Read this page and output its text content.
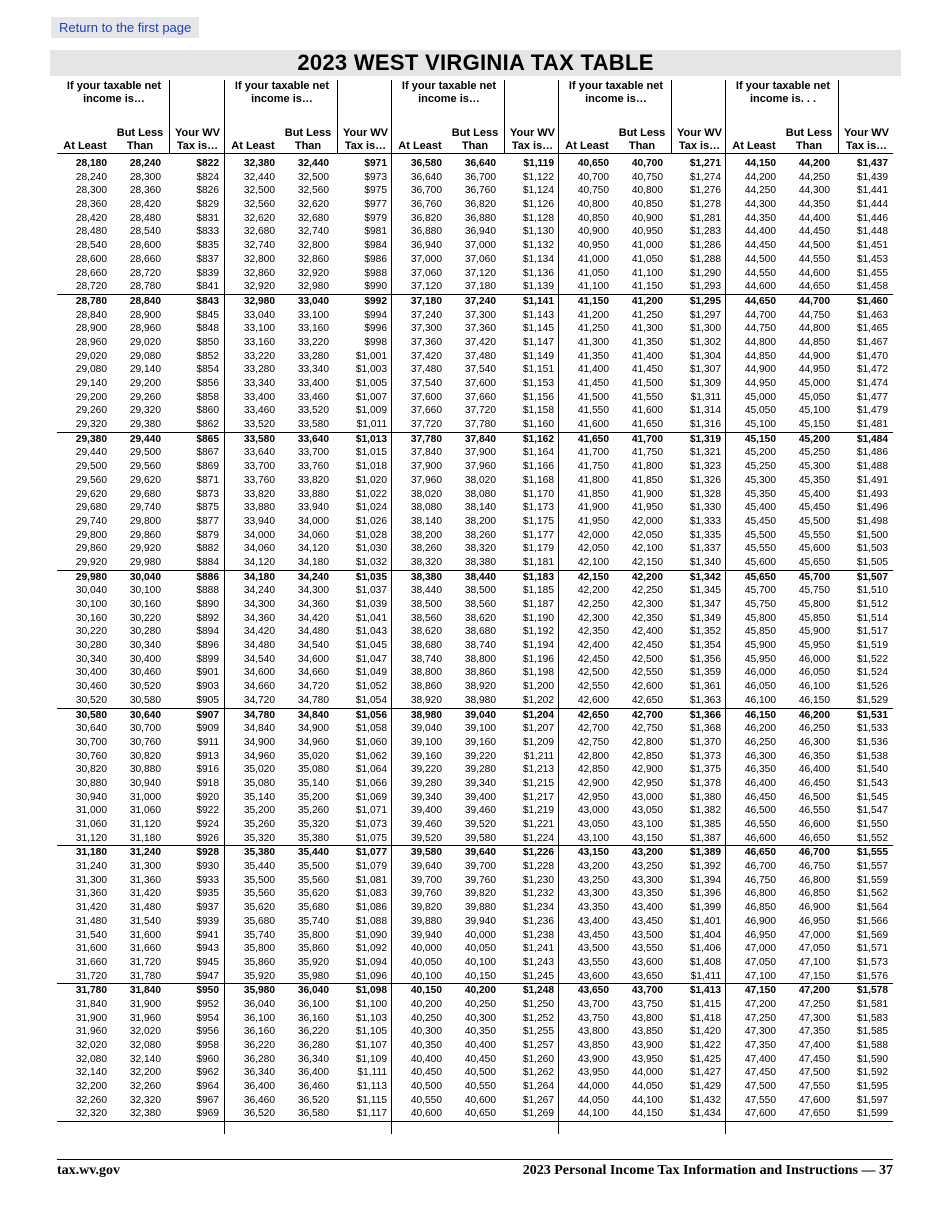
Return to the first page
2023 WEST VIRGINIA TAX TABLE
If your taxable net income is…
At Least
But Less Than
Your WV Tax is…
28,180	28,240	$822
28,240	28,300	$824
28,300	28,360	$826
28,360	28,420	$829
28,420	28,480	$831
28,480	28,540	$833
28,540	28,600	$835
28,600	28,660	$837
28,660	28,720	$839
28,720	28,780	$841
28,780	28,840	$843
28,840	28,900	$845
28,900	28,960	$848
28,960	29,020	$850
29,020	29,080	$852
29,080	29,140	$854
29,140	29,200	$856
29,200	29,260	$858
29,260	29,320	$860
29,320	29,380	$862
29,380	29,440	$865
29,440	29,500	$867
29,500	29,560	$869
29,560	29,620	$871
29,620	29,680	$873
29,680	29,740	$875
29,740	29,800	$877
29,800	29,860	$879
29,860	29,920	$882
29,920	29,980	$884
29,980	30,040	$886
30,040	30,100	$888
30,100	30,160	$890
30,160	30,220	$892
30,220	30,280	$894
30,280	30,340	$896
30,340	30,400	$899
30,400	30,460	$901
30,460	30,520	$903
30,520	30,580	$905
30,580	30,640	$907
30,640	30,700	$909
30,700	30,760	$911
30,760	30,820	$913
30,820	30,880	$916
30,880	30,940	$918
30,940	31,000	$920
31,000	31,060	$922
31,060	31,120	$924
31,120	31,180	$926
31,180	31,240	$928
31,240	31,300	$930
31,300	31,360	$933
31,360	31,420	$935
31,420	31,480	$937
31,480	31,540	$939
31,540	31,600	$941
31,600	31,660	$943
31,660	31,720	$945
31,720	31,780	$947
31,780	31,840	$950
31,840	31,900	$952
31,900	31,960	$954
31,960	32,020	$956
32,020	32,080	$958
32,080	32,140	$960
32,140	32,200	$962
32,200	32,260	$964
32,260	32,320	$967
32,320	32,380	$969
If your taxable net income is…
At Least
But Less Than
Your WV Tax is…
32,380	32,440	$971
32,440	32,500	$973
32,500	32,560	$975
32,560	32,620	$977
32,620	32,680	$979
32,680	32,740	$981
32,740	32,800	$984
32,800	32,860	$986
32,860	32,920	$988
32,920	32,980	$990
32,980	33,040	$992
33,040	33,100	$994
33,100	33,160	$996
33,160	33,220	$998
33,220	33,280	$1,001
33,280	33,340	$1,003
33,340	33,400	$1,005
33,400	33,460	$1,007
33,460	33,520	$1,009
33,520	33,580	$1,011
33,580	33,640	$1,013
33,640	33,700	$1,015
33,700	33,760	$1,018
33,760	33,820	$1,020
33,820	33,880	$1,022
33,880	33,940	$1,024
33,940	34,000	$1,026
34,000	34,060	$1,028
34,060	34,120	$1,030
34,120	34,180	$1,032
34,180	34,240	$1,035
34,240	34,300	$1,037
34,300	34,360	$1,039
34,360	34,420	$1,041
34,420	34,480	$1,043
34,480	34,540	$1,045
34,540	34,600	$1,047
34,600	34,660	$1,049
34,660	34,720	$1,052
34,720	34,780	$1,054
34,780	34,840	$1,056
34,840	34,900	$1,058
34,900	34,960	$1,060
34,960	35,020	$1,062
35,020	35,080	$1,064
35,080	35,140	$1,066
35,140	35,200	$1,069
35,200	35,260	$1,071
35,260	35,320	$1,073
35,320	35,380	$1,075
35,380	35,440	$1,077
35,440	35,500	$1,079
35,500	35,560	$1,081
35,560	35,620	$1,083
35,620	35,680	$1,086
35,680	35,740	$1,088
35,740	35,800	$1,090
35,800	35,860	$1,092
35,860	35,920	$1,094
35,920	35,980	$1,096
35,980	36,040	$1,098
36,040	36,100	$1,100
36,100	36,160	$1,103
36,160	36,220	$1,105
36,220	36,280	$1,107
36,280	36,340	$1,109
36,340	36,400	$1,111
36,400	36,460	$1,113
36,460	36,520	$1,115
36,520	36,580	$1,117
If your taxable net income is…
At Least
But Less Than
Your WV Tax is…
36,580	36,640	$1,119
36,640	36,700	$1,122
36,700	36,760	$1,124
36,760	36,820	$1,126
36,820	36,880	$1,128
36,880	36,940	$1,130
36,940	37,000	$1,132
37,000	37,060	$1,134
37,060	37,120	$1,136
37,120	37,180	$1,139
37,180	37,240	$1,141
37,240	37,300	$1,143
37,300	37,360	$1,145
37,360	37,420	$1,147
37,420	37,480	$1,149
37,480	37,540	$1,151
37,540	37,600	$1,153
37,600	37,660	$1,156
37,660	37,720	$1,158
37,720	37,780	$1,160
37,780	37,840	$1,162
37,840	37,900	$1,164
37,900	37,960	$1,166
37,960	38,020	$1,168
38,020	38,080	$1,170
38,080	38,140	$1,173
38,140	38,200	$1,175
38,200	38,260	$1,177
38,260	38,320	$1,179
38,320	38,380	$1,181
38,380	38,440	$1,183
38,440	38,500	$1,185
38,500	38,560	$1,187
38,560	38,620	$1,190
38,620	38,680	$1,192
38,680	38,740	$1,194
38,740	38,800	$1,196
38,800	38,860	$1,198
38,860	38,920	$1,200
38,920	38,980	$1,202
38,980	39,040	$1,204
39,040	39,100	$1,207
39,100	39,160	$1,209
39,160	39,220	$1,211
39,220	39,280	$1,213
39,280	39,340	$1,215
39,340	39,400	$1,217
39,400	39,460	$1,219
39,460	39,520	$1,221
39,520	39,580	$1,224
39,580	39,640	$1,226
39,640	39,700	$1,228
39,700	39,760	$1,230
39,760	39,820	$1,232
39,820	39,880	$1,234
39,880	39,940	$1,236
39,940	40,000	$1,238
40,000	40,050	$1,241
40,050	40,100	$1,243
40,100	40,150	$1,245
40,150	40,200	$1,248
40,200	40,250	$1,250
40,250	40,300	$1,252
40,300	40,350	$1,255
40,350	40,400	$1,257
40,400	40,450	$1,260
40,450	40,500	$1,262
40,500	40,550	$1,264
40,550	40,600	$1,267
40,600	40,650	$1,269
If your taxable net income is…
At Least
But Less Than
Your WV Tax is…
40,650	40,700	$1,271
40,700	40,750	$1,274
40,750	40,800	$1,276
40,800	40,850	$1,278
40,850	40,900	$1,281
40,900	40,950	$1,283
40,950	41,000	$1,286
41,000	41,050	$1,288
41,050	41,100	$1,290
41,100	41,150	$1,293
41,150	41,200	$1,295
41,200	41,250	$1,297
41,250	41,300	$1,300
41,300	41,350	$1,302
41,350	41,400	$1,304
41,400	41,450	$1,307
41,450	41,500	$1,309
41,500	41,550	$1,311
41,550	41,600	$1,314
41,600	41,650	$1,316
41,650	41,700	$1,319
41,700	41,750	$1,321
41,750	41,800	$1,323
41,800	41,850	$1,326
41,850	41,900	$1,328
41,900	41,950	$1,330
41,950	42,000	$1,333
42,000	42,050	$1,335
42,050	42,100	$1,337
42,100	42,150	$1,340
42,150	42,200	$1,342
42,200	42,250	$1,345
42,250	42,300	$1,347
42,300	42,350	$1,349
42,350	42,400	$1,352
42,400	42,450	$1,354
42,450	42,500	$1,356
42,500	42,550	$1,359
42,550	42,600	$1,361
42,600	42,650	$1,363
42,650	42,700	$1,366
42,700	42,750	$1,368
42,750	42,800	$1,370
42,800	42,850	$1,373
42,850	42,900	$1,375
42,900	42,950	$1,378
42,950	43,000	$1,380
43,000	43,050	$1,382
43,050	43,100	$1,385
43,100	43,150	$1,387
43,150	43,200	$1,389
43,200	43,250	$1,392
43,250	43,300	$1,394
43,300	43,350	$1,396
43,350	43,400	$1,399
43,400	43,450	$1,401
43,450	43,500	$1,404
43,500	43,550	$1,406
43,550	43,600	$1,408
43,600	43,650	$1,411
43,650	43,700	$1,413
43,700	43,750	$1,415
43,750	43,800	$1,418
43,800	43,850	$1,420
43,850	43,900	$1,422
43,900	43,950	$1,425
43,950	44,000	$1,427
44,000	44,050	$1,429
44,050	44,100	$1,432
44,100	44,150	$1,434
If your taxable net income is. . .
At Least
But Less Than
Your WV Tax is…
44,150	44,200	$1,437
44,200	44,250	$1,439
44,250	44,300	$1,441
44,300	44,350	$1,444
44,350	44,400	$1,446
44,400	44,450	$1,448
44,450	44,500	$1,451
44,500	44,550	$1,453
44,550	44,600	$1,455
44,600	44,650	$1,458
44,650	44,700	$1,460
44,700	44,750	$1,463
44,750	44,800	$1,465
44,800	44,850	$1,467
44,850	44,900	$1,470
44,900	44,950	$1,472
44,950	45,000	$1,474
45,000	45,050	$1,477
45,050	45,100	$1,479
45,100	45,150	$1,481
45,150	45,200	$1,484
45,200	45,250	$1,486
45,250	45,300	$1,488
45,300	45,350	$1,491
45,350	45,400	$1,493
45,400	45,450	$1,496
45,450	45,500	$1,498
45,500	45,550	$1,500
45,550	45,600	$1,503
45,600	45,650	$1,505
45,650	45,700	$1,507
45,700	45,750	$1,510
45,750	45,800	$1,512
45,800	45,850	$1,514
45,850	45,900	$1,517
45,900	45,950	$1,519
45,950	46,000	$1,522
46,000	46,050	$1,524
46,050	46,100	$1,526
46,100	46,150	$1,529
46,150	46,200	$1,531
46,200	46,250	$1,533
46,250	46,300	$1,536
46,300	46,350	$1,538
46,350	46,400	$1,540
46,400	46,450	$1,543
46,450	46,500	$1,545
46,500	46,550	$1,547
46,550	46,600	$1,550
46,600	46,650	$1,552
46,650	46,700	$1,555
46,700	46,750	$1,557
46,750	46,800	$1,559
46,800	46,850	$1,562
46,850	46,900	$1,564
46,900	46,950	$1,566
46,950	47,000	$1,569
47,000	47,050	$1,571
47,050	47,100	$1,573
47,100	47,150	$1,576
47,150	47,200	$1,578
47,200	47,250	$1,581
47,250	47,300	$1,583
47,300	47,350	$1,585
47,350	47,400	$1,588
47,400	47,450	$1,590
47,450	47,500	$1,592
47,500	47,550	$1,595
47,550	47,600	$1,597
47,600	47,650	$1,599
tax.wv.gov	2023 Personal Income Tax Information and Instructions — 37
